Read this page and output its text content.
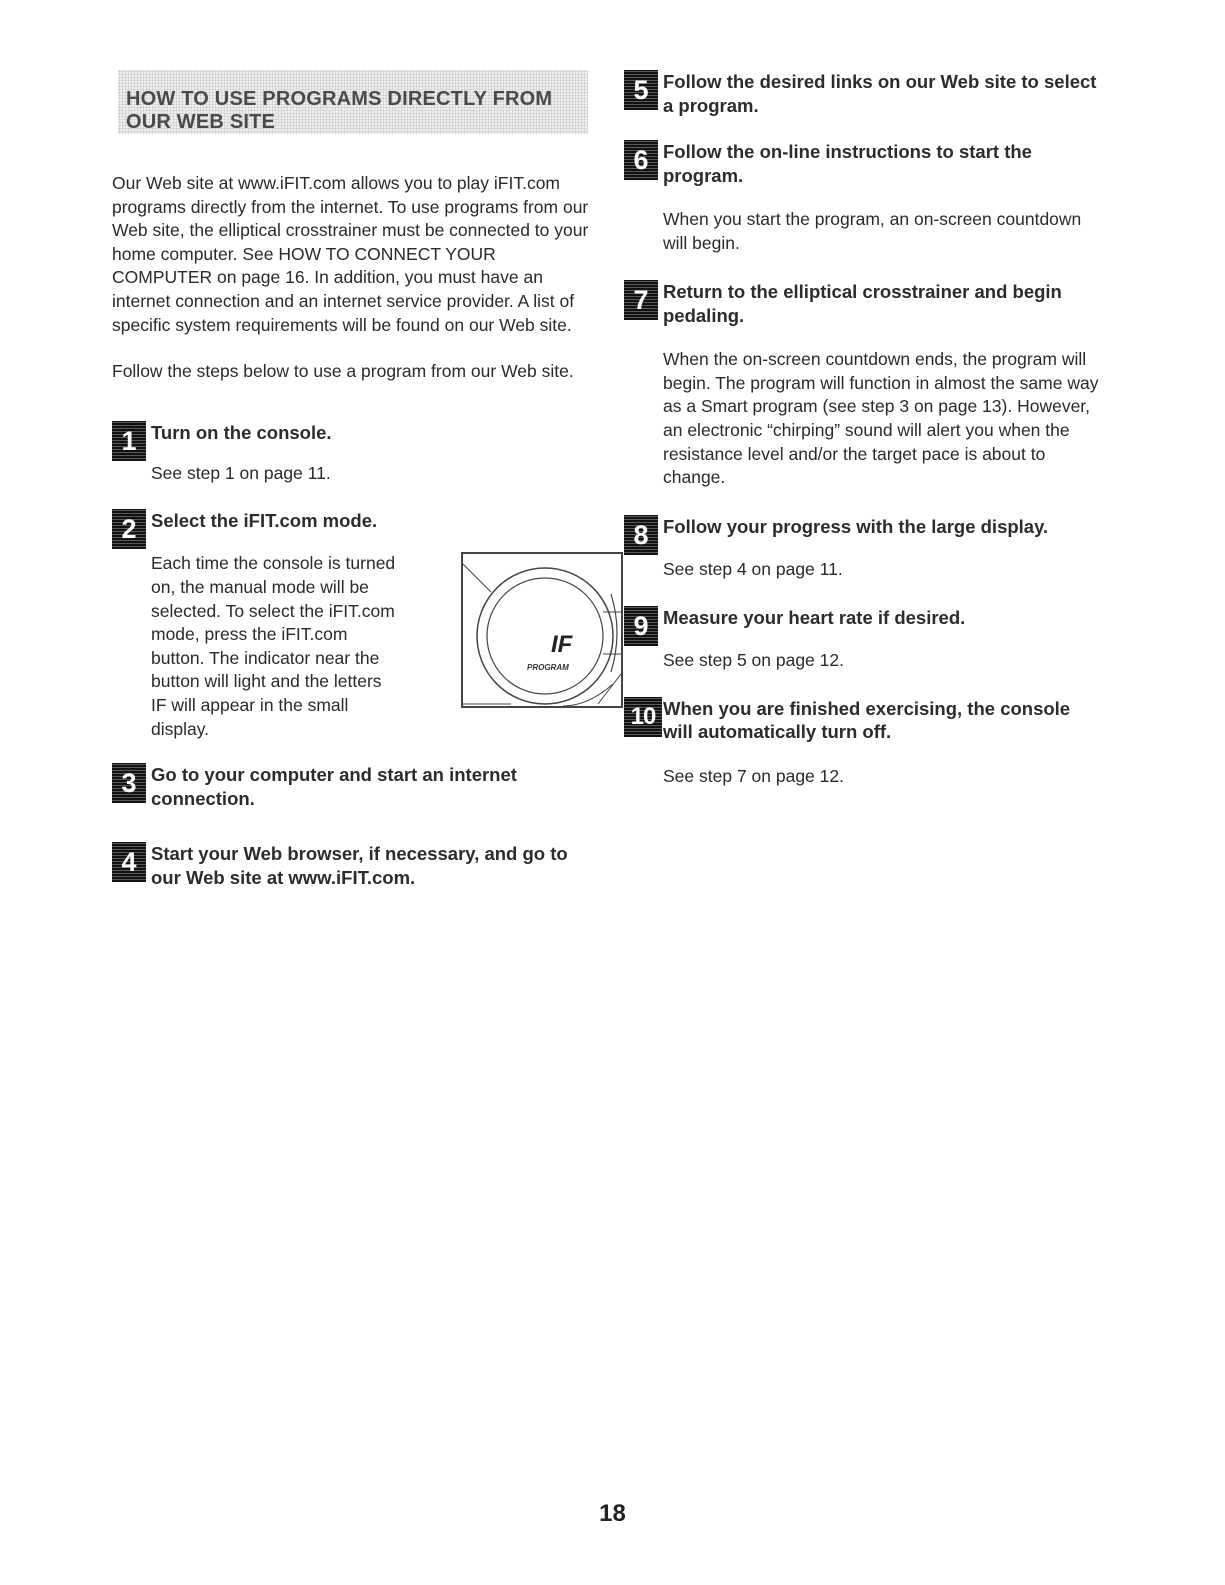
HOW TO USE PROGRAMS DIRECTLY FROM OUR WEB SITE

Our Web site at www.iFIT.com allows you to play iFIT.com programs directly from the internet. To use programs from our Web site, the elliptical crosstrainer must be connected to your home computer. See HOW TO CONNECT YOUR COMPUTER on page 16. In addition, you must have an internet connection and an internet service provider. A list of specific system requirements will be found on our Web site.

Follow the steps below to use a program from our Web site.

1 Turn on the console.

See step 1 on page 11.

2 Select the iFIT.com mode.

Each time the console is turned on, the manual mode will be selected. To select the iFIT.com mode, press the iFIT.com button. The indicator near the button will light and the letters IF will appear in the small display.

IF
PROGRAM
3 Go to your computer and start an internet connection.

4 Start your Web browser, if necessary, and go to our Web site at www.iFIT.com.

5 Follow the desired links on our Web site to select a program.

6 Follow the on-line instructions to start the program.

When you start the program, an on-screen countdown will begin.

7 Return to the elliptical crosstrainer and begin pedaling.

When the on-screen countdown ends, the program will begin. The program will function in almost the same way as a Smart program (see step 3 on page 13). However, an electronic “chirping” sound will alert you when the resistance level and/or the target pace is about to change.

8 Follow your progress with the large display.

See step 4 on page 11.

9 Measure your heart rate if desired.

See step 5 on page 12.

10 When you are finished exercising, the console will automatically turn off.

See step 7 on page 12.

18
